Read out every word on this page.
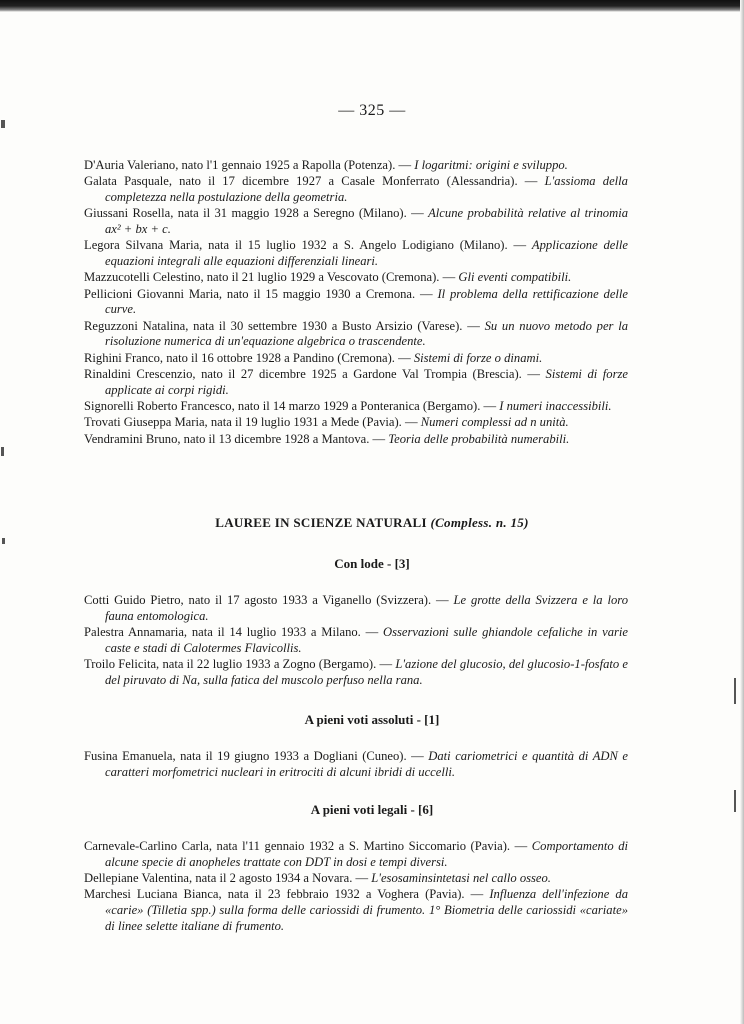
— 325 —

D'Auria Valeriano, nato l'1 gennaio 1925 a Rapolla (Potenza). — I logaritmi: origini e sviluppo.

Galata Pasquale, nato il 17 dicembre 1927 a Casale Monferrato (Alessandria). — L'assioma della completezza nella postulazione della geometria.

Giussani Rosella, nata il 31 maggio 1928 a Seregno (Milano). — Alcune probabilità relative al trinomia ax² + bx + c.

Legora Silvana Maria, nata il 15 luglio 1932 a S. Angelo Lodigiano (Milano). — Applicazione delle equazioni integrali alle equazioni differenziali lineari.

Mazzucotelli Celestino, nato il 21 luglio 1929 a Vescovato (Cremona). — Gli eventi compatibili.

Pellicioni Giovanni Maria, nato il 15 maggio 1930 a Cremona. — Il problema della rettificazione delle curve.

Reguzzoni Natalina, nata il 30 settembre 1930 a Busto Arsizio (Varese). — Su un nuovo metodo per la risoluzione numerica di un'equazione algebrica o trascendente.

Righini Franco, nato il 16 ottobre 1928 a Pandino (Cremona). — Sistemi di forze o dinami.

Rinaldini Crescenzio, nato il 27 dicembre 1925 a Gardone Val Trompia (Brescia). — Sistemi di forze applicate ai corpi rigidi.

Signorelli Roberto Francesco, nato il 14 marzo 1929 a Ponteranica (Bergamo). — I numeri inaccessibili.

Trovati Giuseppa Maria, nata il 19 luglio 1931 a Mede (Pavia). — Numeri complessi ad n unità.

Vendramini Bruno, nato il 13 dicembre 1928 a Mantova. — Teoria delle probabilità numerabili.

LAUREE IN SCIENZE NATURALI (Compless. n. 15)
Con lode - [3]

Cotti Guido Pietro, nato il 17 agosto 1933 a Viganello (Svizzera). — Le grotte della Svizzera e la loro fauna entomologica.

Palestra Annamaria, nata il 14 luglio 1933 a Milano. — Osservazioni sulle ghiandole cefaliche in varie caste e stadi di Calotermes Flavicollis.

Troilo Felicita, nata il 22 luglio 1933 a Zogno (Bergamo). — L'azione del glucosio, del glucosio-1-fosfato e del piruvato di Na, sulla fatica del muscolo perfuso nella rana.

A pieni voti assoluti - [1]

Fusina Emanuela, nata il 19 giugno 1933 a Dogliani (Cuneo). — Dati cariometrici e quantità di ADN e caratteri morfometrici nucleari in eritrociti di alcuni ibridi di uccelli.

A pieni voti legali - [6]

Carnevale-Carlino Carla, nata l'11 gennaio 1932 a S. Martino Siccomario (Pavia). — Comportamento di alcune specie di anopheles trattate con DDT in dosi e tempi diversi.

Dellepiane Valentina, nata il 2 agosto 1934 a Novara. — L'esosaminsintetasi nel callo osseo.

Marchesi Luciana Bianca, nata il 23 febbraio 1932 a Voghera (Pavia). — Influenza dell'infezione da «carie» (Tilletia spp.) sulla forma delle cariossidi di frumento. 1° Biometria delle cariossidi «cariate» di linee selette italiane di frumento.
